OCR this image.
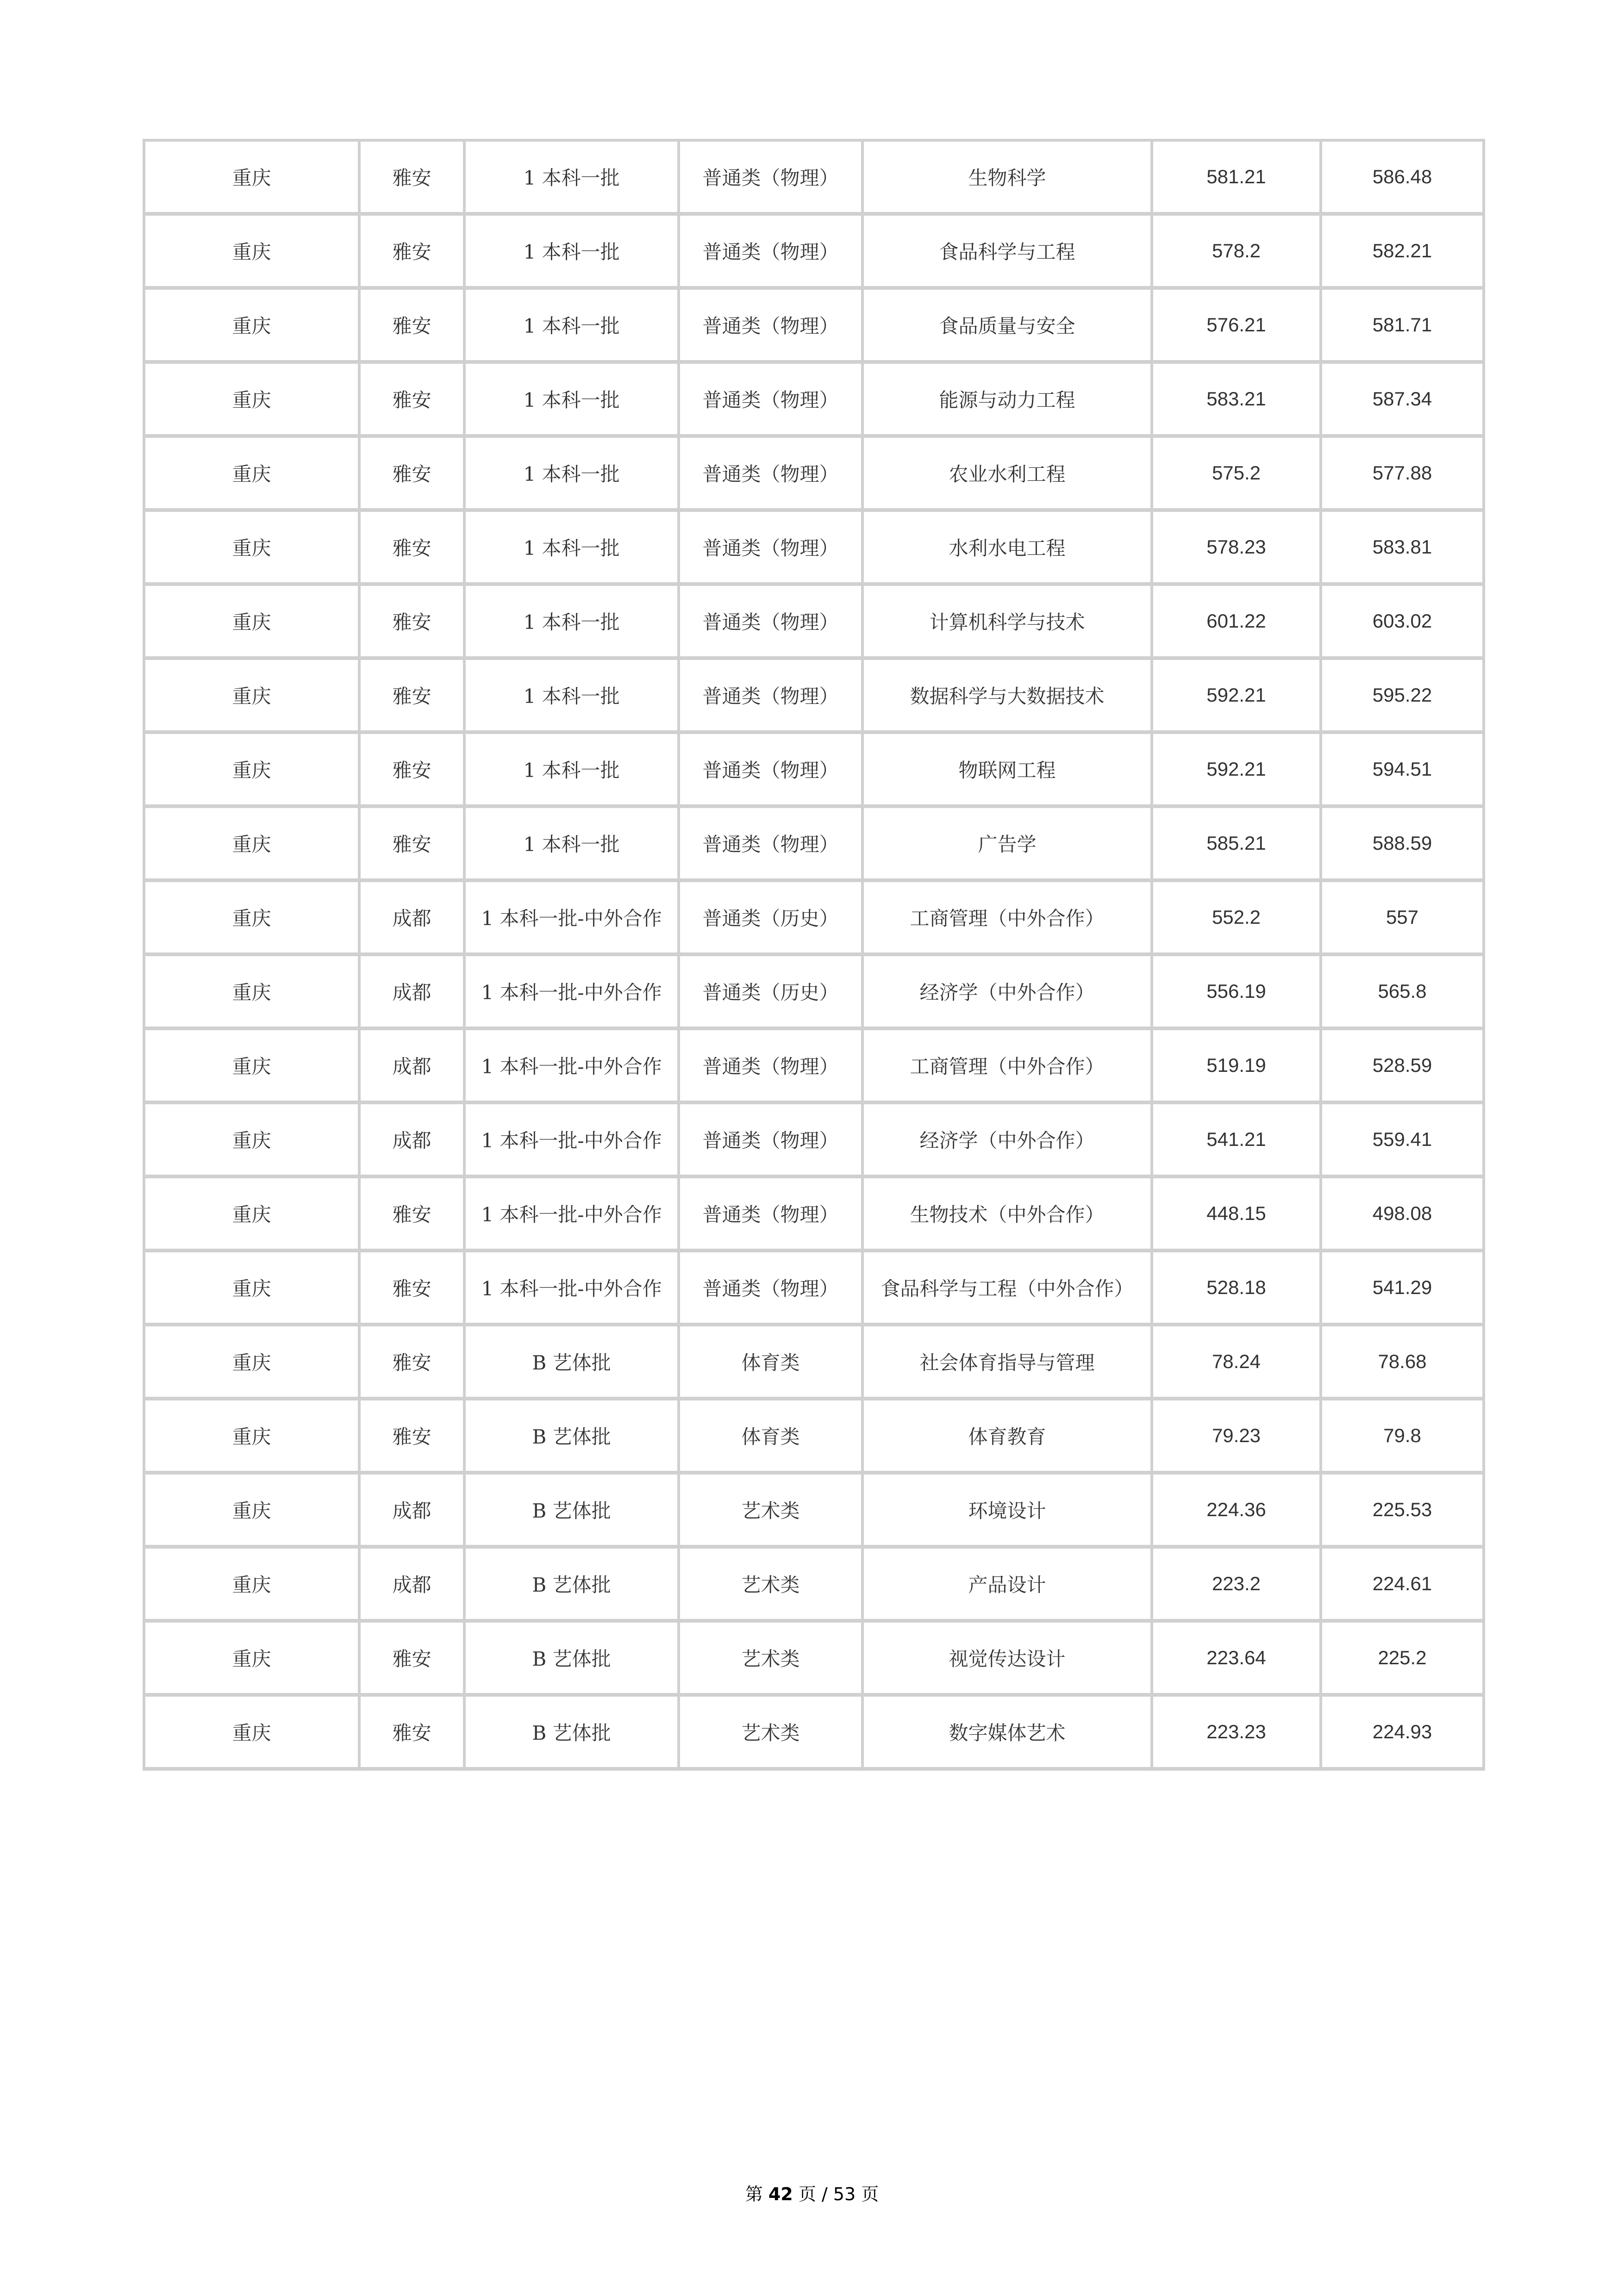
重庆	雅安	1 本科一批	普通类（物理）	生物科学	581.21	586.48
重庆	雅安	1 本科一批	普通类（物理）	食品科学与工程	578.2	582.21
重庆	雅安	1 本科一批	普通类（物理）	食品质量与安全	576.21	581.71
重庆	雅安	1 本科一批	普通类（物理）	能源与动力工程	583.21	587.34
重庆	雅安	1 本科一批	普通类（物理）	农业水利工程	575.2	577.88
重庆	雅安	1 本科一批	普通类（物理）	水利水电工程	578.23	583.81
重庆	雅安	1 本科一批	普通类（物理）	计算机科学与技术	601.22	603.02
重庆	雅安	1 本科一批	普通类（物理）	数据科学与大数据技术	592.21	595.22
重庆	雅安	1 本科一批	普通类（物理）	物联网工程	592.21	594.51
重庆	雅安	1 本科一批	普通类（物理）	广告学	585.21	588.59
重庆	成都	1 本科一批-中外合作	普通类（历史）	工商管理（中外合作）	552.2	557
重庆	成都	1 本科一批-中外合作	普通类（历史）	经济学（中外合作）	556.19	565.8
重庆	成都	1 本科一批-中外合作	普通类（物理）	工商管理（中外合作）	519.19	528.59
重庆	成都	1 本科一批-中外合作	普通类（物理）	经济学（中外合作）	541.21	559.41
重庆	雅安	1 本科一批-中外合作	普通类（物理）	生物技术（中外合作）	448.15	498.08
重庆	雅安	1 本科一批-中外合作	普通类（物理）	食品科学与工程（中外合作）	528.18	541.29
重庆	雅安	B 艺体批	体育类	社会体育指导与管理	78.24	78.68
重庆	雅安	B 艺体批	体育类	体育教育	79.23	79.8
重庆	成都	B 艺体批	艺术类	环境设计	224.36	225.53
重庆	成都	B 艺体批	艺术类	产品设计	223.2	224.61
重庆	雅安	B 艺体批	艺术类	视觉传达设计	223.64	225.2
重庆	雅安	B 艺体批	艺术类	数字媒体艺术	223.23	224.93
第 42 页 / 53 页
